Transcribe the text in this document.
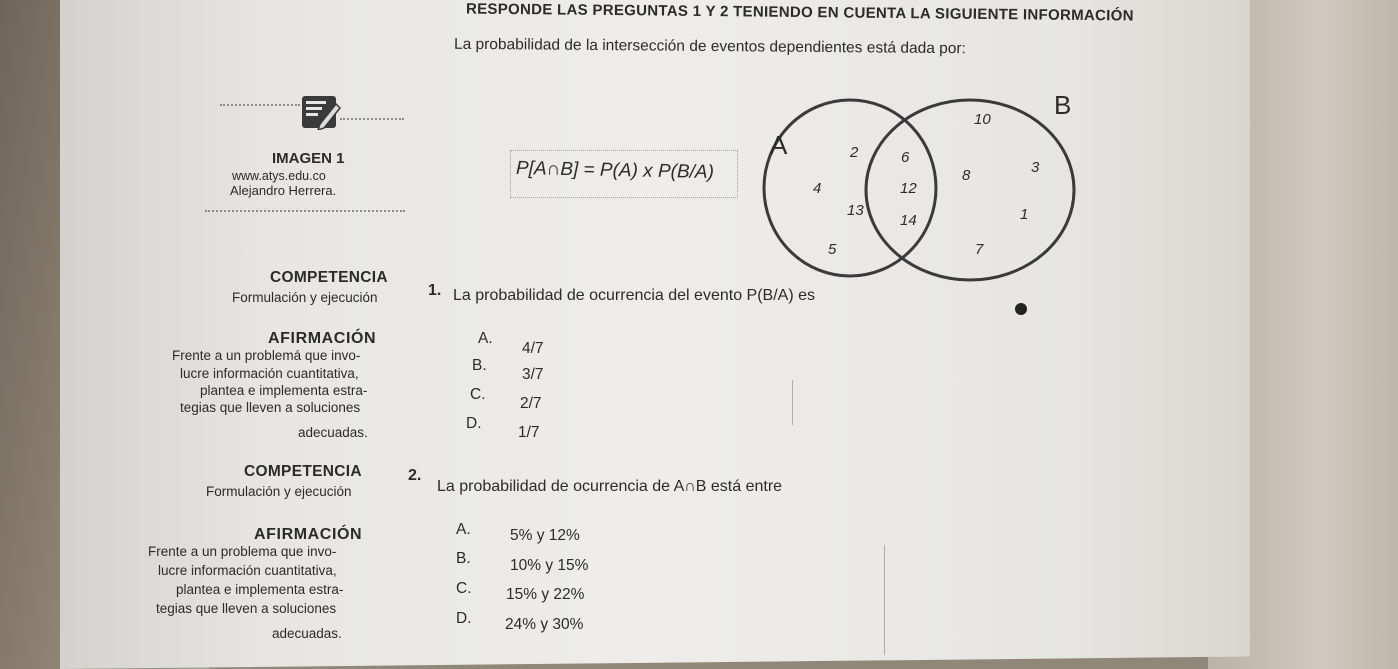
RESPONDE LAS PREGUNTAS 1 Y 2 TENIENDO EN CUENTA LA SIGUIENTE INFORMACIÓN
La probabilidad de la intersección de eventos dependientes está dada por:
IMAGEN 1
www.atys.edu.co
Alejandro Herrera.
P[A∩B] = P(A) x P(B/A)
A
B
10
2	6
8	3
4	12
13
14	1
5	7
COMPETENCIA
Formulación y ejecución
AFIRMACIÓN
Frente a un problemá que invo-
lucre información cuantitativa,
plantea e implementa estra-
tegias que lleven a soluciones
adecuadas.
1. La probabilidad de ocurrencia del evento P(B/A) es
A.
4/7
B.
3/7
C.
2/7
D.
1/7
COMPETENCIA
Formulación y ejecución
AFIRMACIÓN
Frente a un problema que invo-
lucre información cuantitativa,
plantea e implementa estra-
tegias que lleven a soluciones
adecuadas.
2.
La probabilidad de ocurrencia de A∩B está entre
A.	5% y 12%
B.	10% y 15%
C. 15% y 22%
D. 24% y 30%
